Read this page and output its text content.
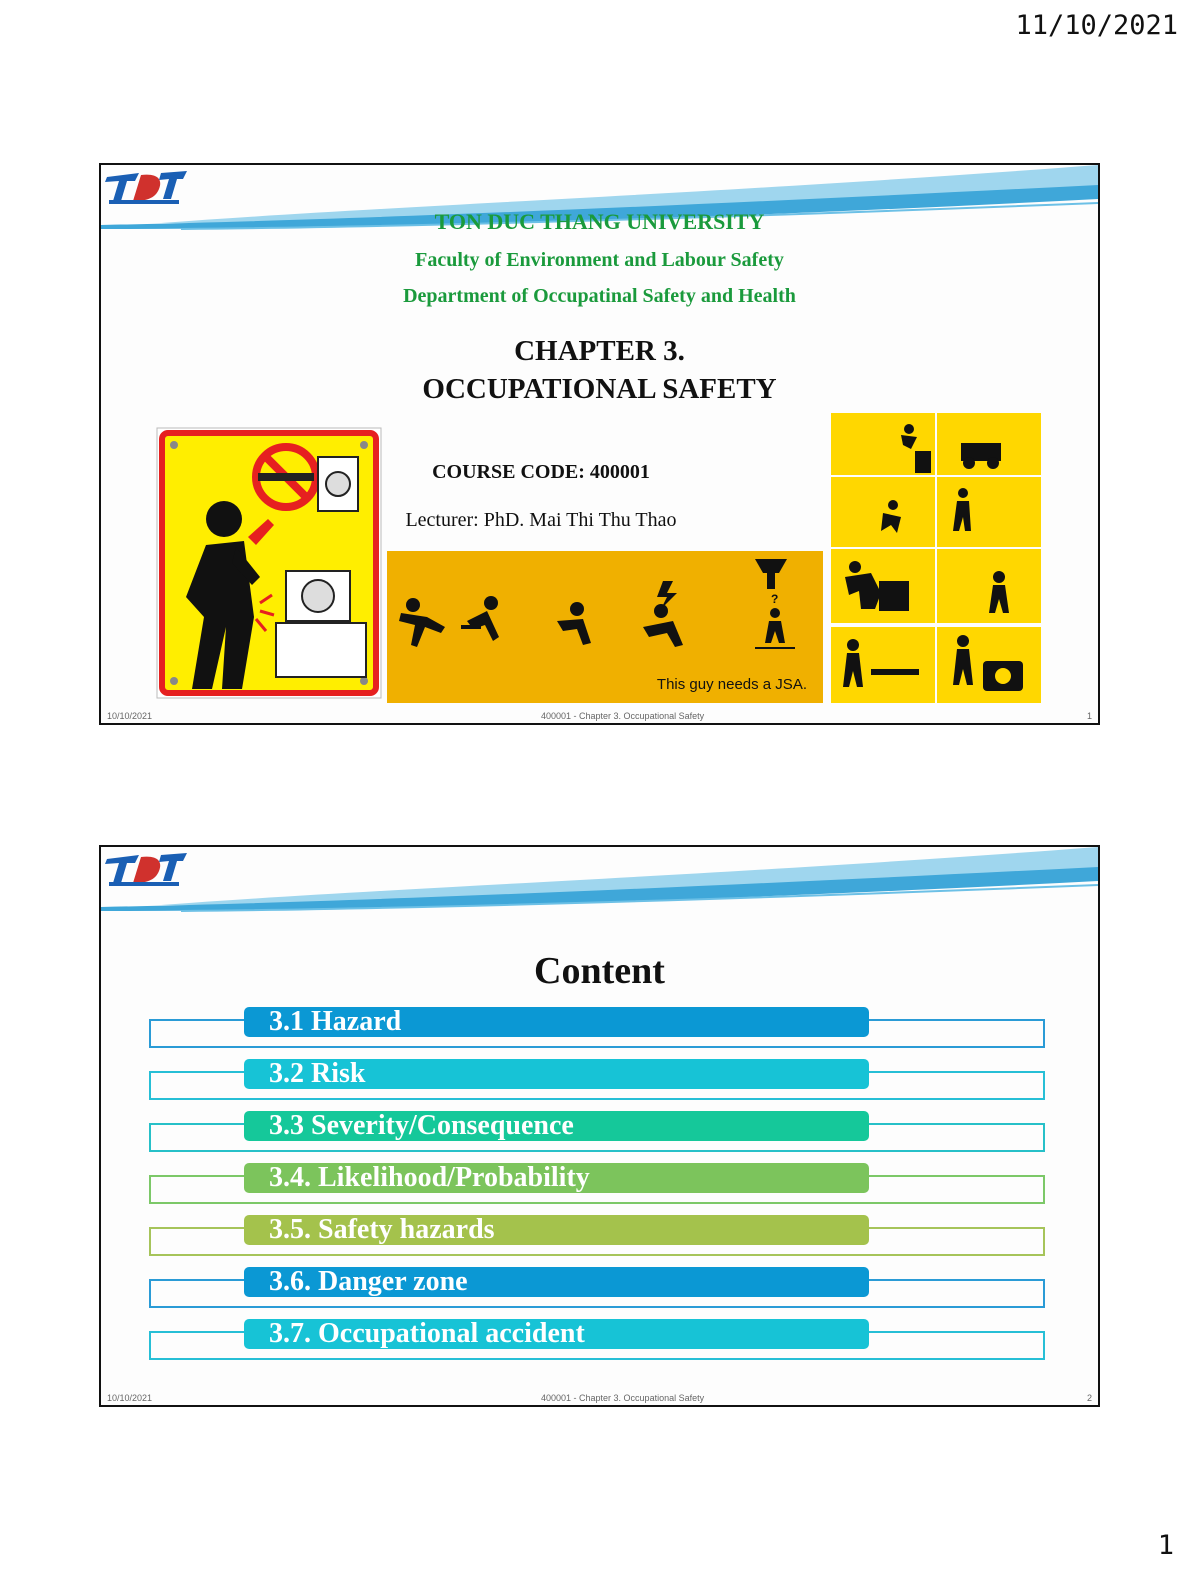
11/10/2021
TON DUC THANG UNIVERSITY
Faculty of Environment and Labour Safety
Department of Occupatinal Safety and Health
CHAPTER 3.
OCCUPATIONAL SAFETY
COURSE CODE: 400001
Lecturer: PhD. Mai Thi Thu Thao
?
This guy needs a JSA.
10/10/2021	400001 - Chapter 3. Occupational Safety	1
Content
3.1 Hazard
3.2 Risk
3.3 Severity/Consequence
3.4. Likelihood/Probability
3.5. Safety hazards
3.6. Danger zone
3.7. Occupational accident
10/10/2021	400001 - Chapter 3. Occupational Safety	2
1
